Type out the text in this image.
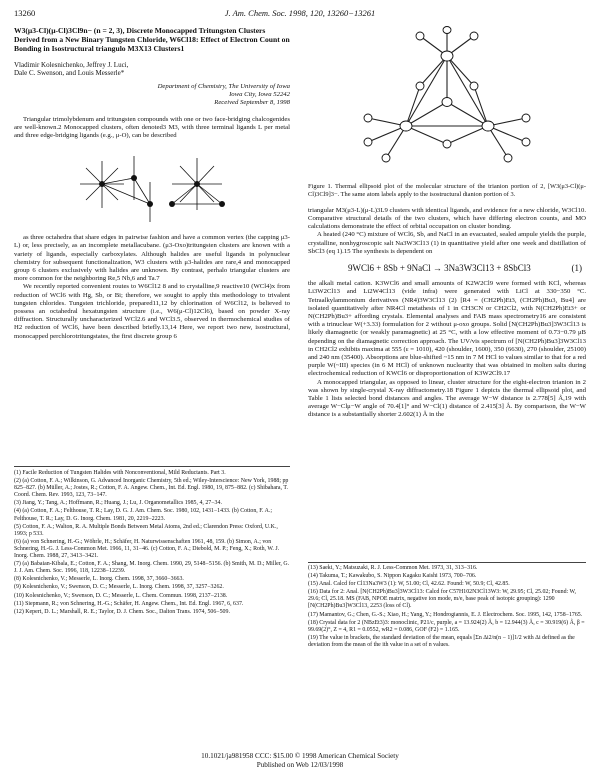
13260	J. Am. Chem. Soc. 1998, 120, 13260−13261
W3(μ3-Cl)(μ-Cl)3Cl9n− (n = 2, 3), Discrete Monocapped Tritungsten Clusters Derived from a New Binary Tungsten Chloride, W6Cl18: Effect of Electron Count on Bonding in Isostructural triangulo M3X13 Clusters1
Vladimir Kolesnichenko, Jeffrey J. Luci,
Dale C. Swenson, and Louis Messerle*
Department of Chemistry, The University of Iowa
Iowa City, Iowa 52242
Received September 8, 1998

Triangular trimolybdenum and tritungsten compounds with one or two face-bridging chalcogenides are well-known.2 Monocapped clusters, often denoted3 M3, with three terminal ligands L per metal and three edge-bridging ligands (e.g., μ-O), can be described

as three octahedra that share edges in pairwise fashion and have a common vertex (the capping μ3-L) or, less precisely, as an incomplete metallacubane. (μ3-Oxo)tritungsten clusters are known with a variety of ligands, especially carboxylates. Although halides are useful ligands in polynuclear chemistry for subsequent functionalization, W3 clusters with μ3-halides are rare,4 and monocapped group 6 clusters exclusively with halides are unknown. By contrast, perhalo triangular clusters are more common for the neighboring Re,5 Nb,6 and Ta.7

We recently reported convenient routes to W6Cl12 8 and to crystalline,9 reactive10 (WCl4)x from reduction of WCl6 with Hg, Sb, or Bi; therefore, we sought to apply this methodology to trivalent tungsten chlorides. Tungsten trichloride, prepared11,12 by chlorination of W6Cl12, is believed to possess an octahedral hexatungsten structure (i.e., W6(μ-Cl)12Cl6), based on powder X-ray diffraction. Structurally uncharacterized WCl2.6 and WCl3.5, observed in thermochemical studies of H2 reduction of WCl6, have been described briefly.13,14 Here, we report two new, isostructural, monocapped perchlorotritungstates, the first discrete group 6

(1) Facile Reduction of Tungsten Halides with Nonconventional, Mild Reductants. Part 3.
(2) (a) Cotton, F. A.; Wilkinson, G. Advanced Inorganic Chemistry, 5th ed.; Wiley-Interscience: New York, 1988; pp 825−827. (b) Müller, A.; Jostes, R.; Cotton, F. A. Angew. Chem., Int. Ed. Engl. 1980, 19, 875−882. (c) Shibahara, T. Coord. Chem. Rev. 1993, 123, 73−147.
(3) Jiang, Y.; Tang, A.; Hoffmann, R.; Huang, J.; Lu, J. Organometallics 1985, 4, 27−34.
(4) (a) Cotton, F. A.; Felthouse, T. R.; Lay, D. G. J. Am. Chem. Soc. 1980, 102, 1431−1433. (b) Cotton, F. A.; Felthouse, T. R.; Lay, D. G. Inorg. Chem. 1981, 20, 2219−2223.
(5) Cotton, F. A.; Walton, R. A. Multiple Bonds Between Metal Atoms, 2nd ed.; Clarendon Press: Oxford, U.K., 1993; p 533.
(6) (a) von Schnering, H.-G.; Wöhrle, H.; Schäfer, H. Naturwissenschaften 1961, 48, 159. (b) Simon, A.; von Schnering, H.-G. J. Less-Common Met. 1966, 11, 31−46. (c) Cotton, F. A.; Diebold, M. P.; Feng, X.; Roth, W. J. Inorg. Chem. 1988, 27, 3413−3421.
(7) (a) Babaian-Kibala, E.; Cotton, F. A.; Shang, M. Inorg. Chem. 1990, 29, 5148−5156. (b) Smith, M. D.; Miller, G. J. J. Am. Chem. Soc. 1996, 118, 12238−12239.
(8) Kolesnichenko, V.; Messerle, L. Inorg. Chem. 1998, 37, 3660−3663.
(9) Kolesnichenko, V.; Swenson, D. C.; Messerle, L. Inorg. Chem. 1998, 37, 3257−3262.
(10) Kolesnichenko, V.; Swenson, D. C.; Messerle, L. Chem. Commun. 1998, 2137−2138.
(11) Siepmann, R.; von Schnering, H.-G.; Schäfer, H. Angew. Chem., Int. Ed. Engl. 1967, 6, 637.
(12) Kepert, D. L.; Marshall, R. E.; Taylor, D. J. Chem. Soc., Dalton Trans. 1974, 506−509.
Figure 1. Thermal ellipsoid plot of the molecular structure of the trianion portion of 2, [W3(μ3-Cl)(μ-Cl)3Cl9]3−. The same atom labels apply to the isostructural dianion portion of 3.

triangular M3(μ3-L)(μ-L)3L9 clusters with identical ligands, and evidence for a new chloride, W3Cl10. Comparative structural details of the two clusters, which have differing electron counts, and MO calculations demonstrate the effect of orbital occupation on cluster bonding.

A heated (240 °C) mixture of WCl6, Sb, and NaCl in an evacuated, sealed ampule yields the purple, crystalline, nonhygroscopic salt Na3W3Cl13 (1) in quantitative yield after one week and distillation of SbCl3 (eq 1).15 The synthesis is dependent on

9WCl6 + 8Sb + 9NaCl → 3Na3W3Cl13 + 8SbCl3	(1)

the alkali metal cation. K3WCl6 and small amounts of K2W2Cl9 were formed with KCl, whereas Li3W2Cl13 and Li2W4Cl13 (vide infra) were generated with LiCl at 330−350 °C. Tetraalkylammonium derivatives (NR4)3W3Cl13 (2) [R4 = (CH2Ph)Et3, (CH2Ph)Bu3, Bu4] are isolated quantitatively after NR4Cl metathesis of 1 in CH3CN or CH2Cl2, with N(CH2Ph)Et3+ or N(CH2Ph)Bu3+ affording crystals. Elemental analyses and FAB mass spectrometry16 are consistent with a trinuclear W(+3.33) formulation for 2 without μ-oxo groups. Solid [N(CH2Ph)Bu3]3W3Cl13 is likely diamagnetic (or weakly paramagnetic) at 25 °C, with a low effective moment of 0.73−0.79 μB depending on the diamagnetic correction approach. The UV/vis spectrum of [N(CH2Ph)Bu3]3W3Cl13 in CH2Cl2 exhibits maxima at 555 (ε = 1010), 420 (shoulder, 1600), 350 (6630), 270 (shoulder, 25100) and 240 nm (35400). Absorptions are blue-shifted ~15 nm in 7 M HCl to values similar to that for a red purple W(~III) species (in 6 M HCl) of unknown nuclearity that was obtained in molten salts during electrochemical reduction of KWCl6 or disproportionation of K3W2Cl9.17

A monocapped triangular, as opposed to linear, cluster structure for the eight-electron trianion in 2 was shown by single-crystal X-ray diffractometry.18 Figure 1 depicts the thermal ellipsoid plot, and Table 1 lists selected bond distances and angles. The average W−W distance is 2.778[5] Å,19 with average W−Clμ−W angle of 70.4[1]° and W−Cl(1) distance of 2.415[3] Å. By comparison, the W−W distance is a substantially shorter 2.602(1) Å in the

(13) Saeki, Y.; Matsuzaki, R. J. Less-Common Met. 1973, 31, 313−316.
(14) Takuma, T.; Kawakubo, S. Nippon Kagaku Kaishi 1973, 700−706.
(15) Anal. Calcd for Cl13Na3W3 (1): W, 51.00; Cl, 42.62. Found: W, 50.9; Cl, 42.85.
(16) Data for 2: Anal. [N(CH2Ph)Bu3]3W3Cl13: Calcd for C57H102N3Cl13W3: W, 29.95; Cl, 25.02; Found: W, 29.6; Cl, 25.18. MS (FAB, NPOE matrix, negative ion mode, m/e, base peak of isotopic grouping): 1290 [N(CH2Ph)Bu3]W3Cl13, 2253 (loss of Cl).
(17) Mamantov, G.; Chen, G.-S.; Xiao, H.; Yang, Y.; Hondrogiannis, E. J. Electrochem. Soc. 1995, 142, 1758−1765.
(18) Crystal data for 2 (NBzEt3)3: monoclinic, P21/c, purple, a = 13.924(2) Å, b = 12.944(3) Å, c = 30.919(6) Å, β = 99.69(2)°, Z = 4, R1 = 0.0552, wR2 = 0.086, GOF (F2) = 1.165.
(19) The value in brackets, the standard deviation of the mean, equals [Σn Δi2/n(n − 1)]1/2 with Δi defined as the deviation from the mean of the ith value in a set of n values.
10.1021/ja981958 CCC: $15.00 © 1998 American Chemical Society
Published on Web 12/03/1998
